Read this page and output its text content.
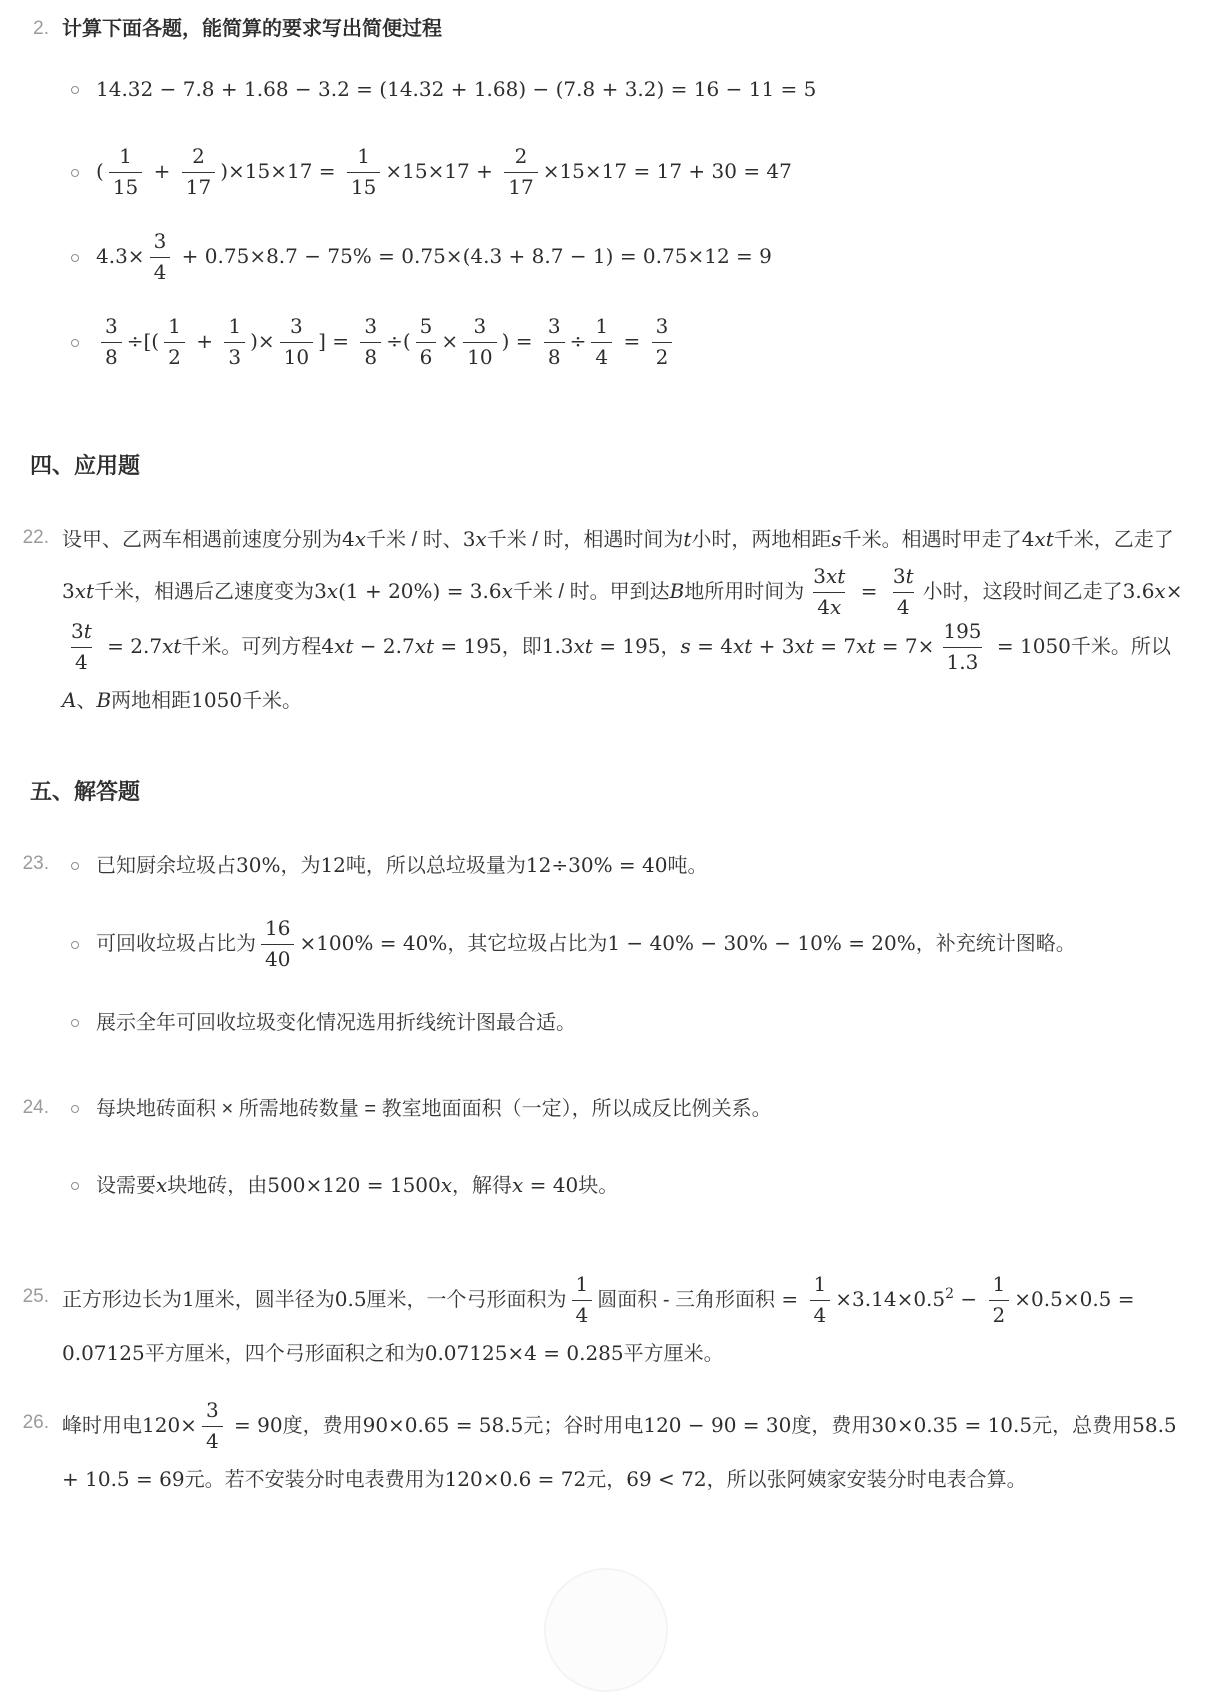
2. 计算下面各题，能简算的要求写出简便过程
14.32 − 7.8 + 1.68 − 3.2 = (14.32 + 1.68) − (7.8 + 3.2) = 16 − 11 = 5
( $\frac{1}{15} + \frac{2}{17} )\times 15\times 17 = \frac{1}{15} \times 15\times 17 + \frac{2}{17} \times 15\times 17 = 17 + 30 = 47$
$4.3\times \frac{3}{4} + 0.75\times 8.7 - 75\% = 0.75\times(4.3 + 8.7 - 1) = 0.75\times 12 = 9$
$\frac{3}{8}$ ÷[( $\frac{1}{2} + \frac{1}{3}$ )× $\frac{3}{10}$ ] = $\frac{3}{8}$ ÷( $\frac{5}{6} \times \frac{3}{10}$ ) = $\frac{3}{8} \div \frac{1}{4} = \frac{3}{2}$
四、应用题
22. 设甲、乙两车相遇前速度分别为4x千米 / 时、3x千米 / 时，相遇时间为t小时，两地相距s千米。相遇时甲走了4xt千米，乙走了3xt千米，相遇后乙速度变为3x(1 + 20%) = 3.6x千米 / 时。甲到达B地所用时间为 $\frac{3xt}{4x} = \frac{3t}{4}$ 小时，这段时间乙走了3.6x×
$\frac{3t}{4} = 2.7xt$千米。可列方程4xt − 2.7xt = 195，即1.3xt = 195，$s = 4xt + 3xt = 7xt = 7\times \frac{195}{1.3} = 1050$千米。所以A、B两地相距1050千米。
五、解答题
23.	已知厨余垃圾占30%，为12吨，所以总垃圾量为12÷30% = 40吨。
可回收垃圾占比为 $\frac{16}{40} \times 100\% = 40\%$，其它垃圾占比为1 − 40% − 30% − 10% = 20%，补充统计图略。
展示全年可回收垃圾变化情况选用折线统计图最合适。
24.	每块地砖面积 × 所需地砖数量 = 教室地面面积（一定），所以成反比例关系。
设需要x块地砖，由500×120 = 1500x，解得x = 40块。
25. 正方形边长为1厘米，圆半径为0.5厘米，一个弓形面积为 $\frac{1}{4}$ 圆面积 - 三角形面积 = $\frac{1}{4} \times 3.14\times 0.5^2 - \frac{1}{2} \times 0.5\times 0.5 = 0.07125$平方厘米，四个弓形面积之和为0.07125×4 = 0.285平方厘米。
26. 峰时用电$120\times \frac{3}{4} = 90$度，费用90×0.65 = 58.5元；谷时用电120 − 90 = 30度，费用30×0.35 = 10.5元，总费用58.5 + 10.5 = 69元。若不安装分时电表费用为120×0.6 = 72元，69 < 72，所以张阿姨家安装分时电表合算。
